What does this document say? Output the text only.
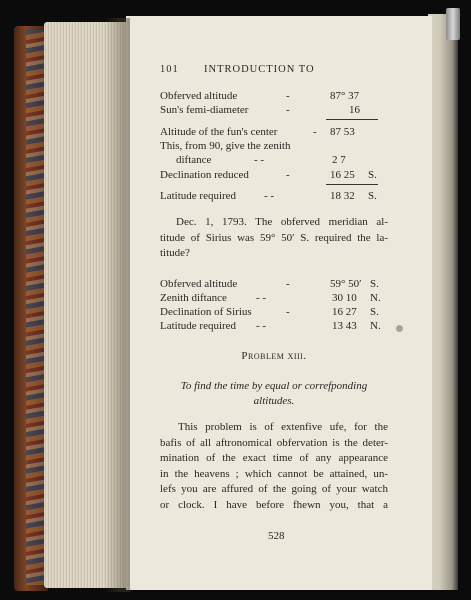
101 INTRODUCTION TO
Obferved altitude	-	87° 37
Sun's femi-diameter	-	16
Altitude of the fun's center	- 87 53
This, from 90, give the zenith
diftance	- -	2 7
Declination reduced	-	16 25 S.
Latitude required	- -	18 32 S.
Dec. 1, 1793. The obferved meridian al-
titude of Sirius was 59° 50′ S. required the la-
titude?
Obferved altitude	-	59° 50′ S.
Zenith diftance	- -	30 10 N.
Declination of Sirius	-	16 27 S.
Latitude required - -	13 43 N.
Problem xiii.
To find the time by equal or correfponding
altitudes.
This problem is of extenfive ufe, for the
bafis of all aftronomical obfervation is the deter-
mination of the exact time of any appearance
in the heavens ; which cannot be attained, un-
lefs you are affured of the going of your watch
or clock. I have before fhewn you, that a
528
